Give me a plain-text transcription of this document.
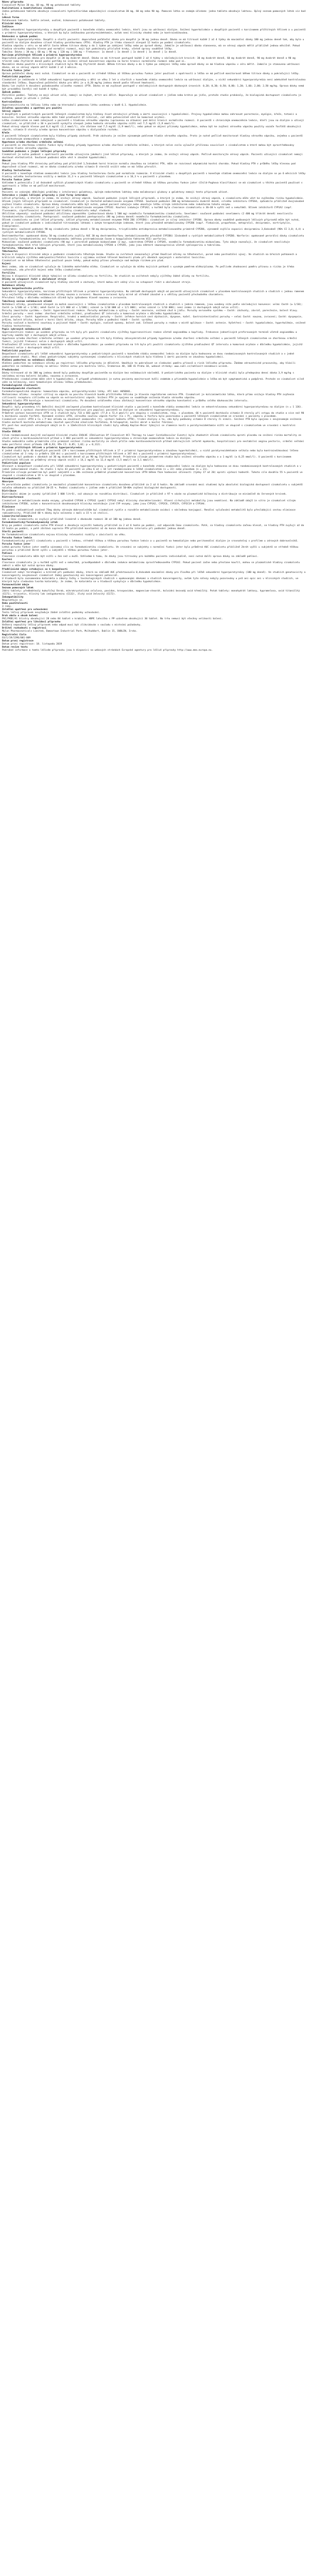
Název přípravku
Cinacalcet Mylan 30 mg, 60 mg, 90 mg potahované tablety
Kvalitativní a kvantitativní složení
Jedna potahovaná tableta obsahuje cinacalceti hydrochloridum odpovídající cinacalcetum 30 mg, 60 mg nebo 90 mg. Pomocná látka se známým účinkem: jedna tableta obsahuje laktosu. Úplný seznam pomocných látek viz bod 6.1.
Léková forma
Potahovaná tableta. Světle zelené, oválné, bikonvexní potahované tablety.
Klinické údaje
Indikace
Léčba sekundární hyperparatyreózy u dospělých pacientů v konečném stádiu onemocnění ledvin, kteří jsou na udržovací dialýze. Snížení hyperkalcémie u dospělých pacientů s karcinomem příštítných tělísek a u pacientů s primární hyperparatyreózou, u kterých by byla indikována paratyreoidektomie, avšak není klinicky vhodná nebo je kontraindikována.
Dávkování a způsob podání
Sekundární hyperparatyreóza. Dospělí a starší pacienti: doporučená počáteční dávka pro dospělé je 30 mg jednou denně. Dávka se má titrovat každé 2 až 4 týdny do maximální dávky 180 mg jednou denně tak, aby bylo u pacientů na dialýze dosaženo cílové hladiny parathormonu (PTH). Hladiny PTH je třeba stanovit alespoň 12 hodin po podání cinakalcetu.
Hladina vápníku v séru se má měřit často během titrace dávky a do 1 týdne po zahájení léčby nebo po úpravě dávky. Jakmile je udržovací dávka stanovena, má se sérový vápník měřit přibližně jednou měsíčně. Pokud hladina sérového vápníku klesne pod normální rozmezí, mají být podniknuty příslušné kroky, včetně úpravy souběžné léčby.
Tabulka: Dávka | 30 mg | 60 mg | 90 mg | 120 mg | 180 mg — Frekvence: 1x denně | 1x denně | 1x denně | 1x denně | 1x denně.
Karcinom příštítných tělísek a primární hyperparatyreóza
Doporučená počáteční dávka pro dospělé je 30 mg dvakrát denně. Dávka se má titrovat postupně každé 2 až 4 týdny v následujících krocích: 30 mg dvakrát denně, 60 mg dvakrát denně, 90 mg dvakrát denně a 90 mg třikrát nebo čtyřikrát denně podle potřeby ke snížení sérové koncentrace vápníku na horní hranici normálního rozmezí nebo pod ni.
Maximální dávka použitá v klinických studiích byla 90 mg čtyřikrát denně. Během titrace dávky a do 1 týdne po zahájení léčby nebo úpravě dávky se má hladina vápníku v séru měřit. Jakmile je stanovena udržovací dávka, má se sérový vápník měřit každé 2 až 3 měsíce.
Porucha funkce jater
Úprava počáteční dávky není nutná. Cinakalcet se má u pacientů se středně těžkou až těžkou poruchou funkce jater používat s opatrností a léčba se má pečlivě monitorovat během titrace dávky a pokračující léčby.
Pediatrická populace
Cinakalcet je indikován k léčbě sekundární hyperparatyreózy u dětí ve věku 3 let a starších v konečném stádiu onemocnění ledvin na udržovací dialýze, u nichž sekundární hyperparatyreóza není adekvátně kontrolována standardní léčbou. Doporučená počáteční dávka pro děti je ≤ 0,20 mg/kg jednou denně podle tělesné hmotnosti.
Dávku lze zvýšit k dosažení požadovaného cílového rozmezí iPTH. Dávka se má zvyšovat postupně v následujících dostupných dávkových úrovních: 0,20; 0,30; 0,50; 0,80; 1,20; 1,60; 2,00; 2,50 mg/kg. Úprava dávky nemá být prováděna častěji než každé 4 týdny.
Způsob podání
Perorální podání. Tablety se mají užívat celé, nemají se žvýkat, drtit ani dělit. Doporučuje se užívat cinakalcet s jídlem nebo krátce po jídle, protože studie prokázaly, že biologická dostupnost cinakalcetu je zvýšena, pokud je užíván s jídlem.
Kontraindikace
Hypersenzitivita na léčivou látku nebo na kteroukoli pomocnou látku uvedenou v bodě 6.1. Hypokalcémie.
Zvláštní upozornění a opatření pro použití
Sérový vápník
U dospělých a pediatrických pacientů léčených cinakalcetem byly hlášeny život ohrožující příhody a úmrtí související s hypokalcémií. Projevy hypokalcémie mohou zahrnovat parestezie, myalgie, křeče, tetanii a konvulze. Snížení sérového vápníku může také prodloužit QT interval, což může potenciálně vést ke komorové arytmii.
Léčba cinakalcetem se nemá zahajovat u pacientů s hladinou sérového vápníku (upravenou na albumin) pod dolní hranicí normálního rozmezí. U pacientů s chronickým onemocněním ledvin, kteří jsou na dialýze a užívají cinakalcet, se přibližně u 30 % pacientů vyskytla alespoň jedna hodnota sérového vápníku nižší než 7,5 mg/dl (1,9 mmol/l).
Pokud sérový vápník klesne pod 8,4 mg/dl (2,1 mmol/l), ale zůstane nad 7,5 mg/dl (1,9 mmol/l), nebo pokud se objeví příznaky hypokalcémie, mohou být ke zvýšení sérového vápníku použity vazače fosfátů obsahující vápník, vitamin D steroly a/nebo úprava koncentrace vápníku v dialyzačním roztoku.
Křeče
U pacientů léčených cinakalcetem byly hlášeny případy záchvatů. Práh záchvatu je snížen významným poklesem hladin sérového vápníku. Proto je nutné pečlivě monitorovat hladiny sérového vápníku, zejména u pacientů se záchvatovým onemocněním v anamnéze.
Hypotenze a/nebo zhoršení srdečního selhání
U pacientů se zhoršenou srdeční funkcí byly hlášeny případy hypotenze a/nebo zhoršení srdečního selhání, u kterých nelze zcela vyloučit příčinnou souvislost s cinakalcetem a které mohou být zprostředkovány snížením hladin sérového vápníku.
Souběžné podávání s jinými léčivými přípravky
Cinakalcet je nutno podávat s opatrností pacientům užívajícím jakékoli jiné léčivé přípravky, o kterých je známo, že snižují sérový vápník. Pečlivě monitorujte sérový vápník. Pacienti užívající cinakalcet nemají dostávat etelkalcetid. Současné podávání může vést k závažné hypokalcémii.
Obecné
Pokud jsou hladiny PTH chronicky potlačeny pod přibližně 1,5násobek horní hranice normálu zkouškou na intaktní PTH, může se rozvinout adynamická kostní choroba. Pokud hladiny PTH v průběhu léčby klesnou pod doporučené cílové rozmezí, má se dávka cinakalcetu a/nebo vitamin D sterolů snížit nebo se má léčba přerušit.
Hladiny testosteronu
U pacientů s konečným stádiem onemocnění ledvin jsou hladiny testosteronu často pod normálním rozmezím. V klinické studii u dospělých pacientů s konečným stádiem onemocnění ledvin na dialýze se po 6 měsících léčby hladiny volného testosteronu snížily o medián 31,3 % u pacientů léčených cinakalcetem a o 16,3 % u pacientů s placebem.
Porucha funkce jater
Vzhledem k potenciálu 2 až 4násobně vyšších plazmatických hladin cinakalcetu u pacientů se středně těžkou až těžkou poruchou funkce jater (Child-Pughova klasifikace) se má cinakalcet u těchto pacientů používat s opatrností a léčba se má pečlivě monitorovat.
Laktosa
Pacienti se vzácnými dědičnými problémy s intolerancí galaktosy, úplným nedostatkem laktázy nebo malabsorpcí glukosy a galaktosy nemají tento přípravek užívat.
Interakce s jinými léčivými přípravky a jiné formy interakce
Léčivé přípravky, o kterých je známo, že snižují sérový vápník. Současné podávání jiných léčivých přípravků, o kterých je známo, že snižují sérový vápník, a cinakalcetu může vést ke zvýšenému riziku hypokalcémie.
Účinek jiných léčivých přípravků na cinakalcet. Cinakalcet je částečně metabolizován enzymem CYP3A4. Současné podávání 200 mg ketokonazolu dvakrát denně, silného inhibitoru CYP3A4, způsobilo přibližně dvojnásobné zvýšení hladin cinakalcetu. Úprava dávky cinakalcetu může být nutná, pokud pacient zahajuje nebo ukončuje léčbu silným inhibitorem nebo induktorem tohoto enzymu.
Údaje in vitro ukazují, že cinakalcet je částečně metabolizován enzymem CYP1A2. Kouření indukuje CYP1A2; u kuřáků byla clearance cinakalcetu o 36–38 % vyšší než u nekuřáků. Účinek inhibitorů CYP1A2 (např. fluvoxamin, ciprofloxacin) na plazmatické hladiny cinakalcetu nebyl studován.
Uhličitan vápenatý: současné podávání uhličitanu vápenatého (jednorázová dávka 1 500 mg) nezměnilo farmakokinetiku cinakalcetu. Sevelamer: současné podávání sevelameru (2 400 mg třikrát denně) neovlivnilo farmakokinetiku cinakalcetu. Pantoprazol: současné podávání pantoprazolu (80 mg jednou denně) nezměnilo farmakokinetiku cinakalcetu.
Účinek cinakalcetu na jiné léčivé přípravky. Léčivé přípravky metabolizované enzymem P450 2D6 (CYP2D6): cinakalcet je silný inhibitor CYP2D6. Úprava dávky souběžně podávaných léčivých přípravků může být nutná, pokud je cinakalcet podáván s individuálně titrovanými látkami s úzkým terapeutickým indexem, které jsou převážně metabolizovány CYP2D6 (např. flekainid, propafenon, metoprolol, desipramin, nortriptylin, klomipramin).
Desipramin: současné podávání 90 mg cinakalcetu jednou denně s 50 mg desipraminu, tricyklického antidepresiva metabolizovaného primárně CYP2D6, významně zvýšilo expozici desipraminu 3,6násobně (90% CI 3,0; 4,4) u rychlých metabolizátorů CYP2D6.
Dextromethorfan: opakované dávky 50 mg cinakalcetu zvýšily AUC 30 mg dextromethorfanu (metabolizovaného převážně CYP2D6) 11násobně u rychlých metabolizátorů CYP2D6. Warfarin: opakované perorální dávky cinakalcetu neovlivnily farmakokinetiku ani farmakodynamiku (měřenou protrombinovým časem a koagulačním faktorem VII) warfarinu.
Midazolam: současné podávání cinakalcetu (90 mg) s perorálně podaným midazolamem (2 mg), substrátem CYP3A4 a CYP3A5, nezměnilo farmakokinetiku midazolamu. Tyto údaje naznačují, že cinakalcet neovlivňuje farmakokinetiku těch tříd léčivých přípravků, které jsou metabolizovány CYP3A4 a CYP3A5, jako jsou některé imunosupresiva včetně cyklosporinu a takrolimu.
Fertilita, těhotenství a kojení
Těhotenství
Nejsou k dispozici klinické údaje o podávání cinakalcetu těhotným ženám. Studie na zvířatech nenaznačují přímé škodlivé účinky na těhotenství, porod nebo postnatální vývoj. Ve studiích na březích potkanech a králících nebyla zjištěna embryonální/fetální toxicita s výjimkou snížené tělesné hmotnosti plodu při dávkách spojených s maternální toxicitou.
Cinakalcet se má během těhotenství používat pouze tehdy, pokud možný přínos převažuje nad možným rizikem pro plod.
Kojení
Není známo, zda se cinakalcet vylučuje do lidského mateřského mléka. Cinakalcet se vylučuje do mléka kojících potkanů s vysokým poměrem mléko/plazma. Po pečlivém zhodnocení poměru přínosu a rizika je třeba rozhodnout, zda přerušit kojení nebo léčbu cinakalcetem.
Fertilita
Nejsou k dispozici klinické údaje týkající se účinku cinakalcetu na fertilitu. Ve studiích na zvířatech nebyly zjištěny žádné účinky na fertilitu.
Účinky na schopnost řídit a obsluhovat stroje
U pacientů užívajících cinakalcet byly hlášeny závratě a záchvaty, které mohou mít vážný vliv na schopnost řídit a obsluhovat stroje.
Nežádoucí účinky
Souhrn bezpečnostního profilu
Sekundární hyperparatyreóza, karcinom příštítných tělísek a primární hyperparatyreóza. Na základě dostupných údajů od pacientů užívajících cinakalcet v placebem kontrolovaných studiích a studiích s jednou ramenem byly nejčastěji hlášenými nežádoucími účinky nauzea a zvracení. Nauzea a zvracení byly mírné až středně závažné a u většiny pacientů přechodného charakteru.
Přerušení léčby v důsledku nežádoucích účinků bylo způsobeno hlavně nauzeou a zvracením.
Tabulkový seznam nežádoucích účinků
Nežádoucí účinky, považované alespoň za možná související s léčbou cinakalcetem v placebem kontrolovaných studiích a studiích s jedním ramenem, jsou uvedeny níže podle následující konvence: velmi časté (≥ 1/10); časté (≥ 1/100 až < 1/10); méně časté (≥ 1/1 000 až < 1/100); vzácné (≥ 1/10 000 až < 1/1 000); velmi vzácné (< 1/10 000); není známo (z dostupných údajů nelze určit).
Poruchy imunitního systému — časté: hypersenzitivní reakce. Poruchy metabolismu a výživy — časté: anorexie, snížená chuť k jídlu. Poruchy nervového systému — časté: záchvaty, závrať, parestezie, bolest hlavy. Srdeční poruchy — není známo: zhoršení srdečního selhání, prodloužení QT intervalu a komorová arytmie v důsledku hypokalcémie.
Cévní poruchy — časté: hypotenze. Respirační, hrudní a mediastinální poruchy — časté: infekce horních cest dýchacích, dyspnoe, kašel. Gastrointestinální poruchy — velmi časté: nauzea, zvracení; časté: dyspepsie, průjem, bolest břicha, bolest v horní části břicha, zácpa. Poruchy kůže a podkožní tkáně — časté: vyrážka.
Poruchy svalové a kosterní soustavy a pojivové tkáně — časté: myalgie, svalové spasmy, bolest zad. Celkové poruchy a reakce v místě aplikace — časté: astenie. Vyšetření — časté: hypokalcémie, hyperkalémie, snížené hladiny testosteronu.
Popis vybraných nežádoucích účinků
Hypersenzitivní reakce: po uvedení přípravku na trh byly při použití cinakalcetu zjištěny hypersenzitivní reakce včetně angioedému a kopřivky. Frekvence jednotlivých preferovaných termínů včetně angioedému a kopřivky nemůže být z dostupných údajů určena.
Hypotenze a/nebo zhoršení srdečního selhání: po uvedení přípravku na trh byly hlášeny idiosynkratické případy hypotenze a/nebo zhoršení srdečního selhání u pacientů léčených cinakalcetem se zhoršenou srdeční funkcí, jejichž frekvenci nelze z dostupných údajů určit.
Prodloužení QT intervalu a komorová arytmie v důsledku hypokalcémie: po uvedení přípravku na trh bylo při použití cinakalcetu zjištěno prodloužení QT intervalu a komorová arytmie v důsledku hypokalcémie, jejichž frekvenci nelze z dostupných údajů určit.
Pediatrická populace
Bezpečnost cinakalcetu při léčbě sekundární hyperparatyreózy u pediatrických pacientů v konečném stádiu onemocnění ledvin na dialýze byla hodnocena ve dvou randomizovaných kontrolovaných studiích a v jedné jednoramenné studii. Mezi všemi pediatrickými subjekty vystavenými cinakalcetu v klinických studiích bylo hlášeno 1 úmrtí pacienta se závažnou hypokalcémií.
Hlášení podezření na nežádoucí účinky
Hlášení podezření na nežádoucí účinky po registraci léčivého přípravku je důležité. Umožňuje to pokračovat ve sledování poměru přínosů a rizik léčivého přípravku. Žádáme zdravotnické pracovníky, aby hlásili podezření na nežádoucí účinky na adresu: Státní ústav pro kontrolu léčiv, Šrobárova 48, 100 41 Praha 10, webové stránky: www.sukl.cz/nahlasit-nezadouci-ucinek.
Předávkování
Dávky titrované až do 300 mg jednou denně byly podávány dospělým pacientům na dialýze bez nežádoucích následků. U pediatrického pacienta na dialýze v klinické studii byla předepsána denní dávka 3,9 mg/kg s následnou mírnou bolestí žaludku, nauzeou a zvracením.
Předávkování cinakalcetem může vést k hypokalcémii. V případě předávkování je nutno pacienty monitorovat kvůli známkám a příznakům hypokalcémie a léčba má být symptomatická a podpůrná. Protože se cinakalcet silně váže na bílkoviny, není hemodialýza účinnou léčbou předávkování.
Farmakologické vlastnosti
Farmakodynamické vlastnosti
Farmakoterapeutická skupina: homeostáza vápníku, antiparathyroidní látky. ATC kód: H05BX01.
Mechanismus účinku: receptor citlivý na vápník na povrchu hlavních buněk příštítného tělíska je hlavním regulátorem sekrece PTH. Cinakalcet je kalcimimetická látka, která přímo snižuje hladiny PTH zvýšením citlivosti receptoru citlivého na vápník na extracelulární vápník. Snížení PTH je spojeno se souběžným snížením hladin sérového vápníku.
Snížení hladin PTH koreluje s koncentrací cinakalcetu. Po dosažení ustáleného stavu zůstávají koncentrace sérového vápníku konstantní v průběhu celého dávkovacího intervalu.
Sekundární hyperparatyreóza
Dospělí: byly provedeny tři 6měsíční dvojitě zaslepené placebem kontrolované klinické studie u pacientů v konečném stádiu onemocnění ledvin se nekontrolovanou sekundární hyperparatyreózou na dialýze (n = 1 136). Demografické a výchozí charakteristiky byly reprezentativní pro populaci pacientů na dialýze se sekundární hyperparatyreózou.
Průměrné výchozí koncentrace iPTH ve 3 studiích byly 733 a 683 pg/ml (77,8 a 72,4 pmol/l) pro skupiny s cinakalcetem, resp. s placebem. 66 % pacientů dostávalo vitamin D steroly při vstupu do studie a více než 90 % dostávalo vazače fosfátů. Významné snížení iPTH, sérového součinu vápník-fosfor (Ca × P), vápníku a fosforu bylo pozorováno u pacientů léčených cinakalcetem ve srovnání s pacienty s placebem.
Cinakalcet snížil iPTH a Ca × P bez ohledu na závažnost onemocnění (tj. výchozí hodnotu iPTH), trvání dialýzy a to, zda byly podávány vitamin D steroly či nikoli. Snížení PTH bylo spojeno s nevýznamným snížením hladin markerů kostního metabolismu (kostně specifická alkalická fosfatáza, N-telopeptid, kostní obrat a kostní fibróza).
Při post-hoc analýzách sdružených údajů ze 6- a 12měsíčních klinických studií byly odhady Kaplan-Meier týkající se zlomenin kostí a paratyreoidektomie nižší ve skupině s cinakalcetem ve srovnání s kontrolní skupinou.
Studie EVOLVE
Cílem randomizované dvojitě zaslepené klinické studie EVOLVE (EValuation Of Cinacalcet HCl Therapy to Lower CardioVascular Events) bylo zhodnotit účinek cinakalcetu oproti placebu na snížení rizika mortality ze všech příčin a kardiovaskulárních příhod u 3 883 pacientů se sekundární hyperparatyreózou a chronickým onemocněním ledvin na dialýze.
Studie nedosáhla svého primárního cíle prokázat snížení rizika mortality ze všech příčin nebo kardiovaskulárních příhod zahrnujících infarkt myokardu, hospitalizaci pro nestabilní anginu pectoris, srdeční selhání nebo periferní cévní příhodu (HR 0,93; 95% CI: 0,85; 1,02; p = 0,112).
Karcinom příštítných tělísek a primární hyperparatyreóza
V jedné studii bylo 46 dospělých pacientů (29 s karcinomem příštítných tělísek a 17 s primární hyperparatyreózou a závažnou hyperkalcémií, u nichž paratyreoidektomie selhala nebo byla kontraindikována) léčeno cinakalcetem až 3 roky (v průměru 328 dní u pacientů s karcinomem příštítných tělísek a 347 dní u pacientů s primární hyperparatyreózou).
Cinakalcet byl podáván v dávkách od 30 mg dvakrát denně až po 90 mg čtyřikrát denně. Primárním cílovým parametrem studie bylo snížení sérového vápníku o ≥ 1 mg/dl (≥ 0,25 mmol/l). U pacientů s karcinomem příštítných tělísek se průměrný sérový vápník snížil z 14,1 mg/dl na 12,4 mg/dl (3,5 mmol/l na 3,1 mmol/l).
Pediatrická populace
Účinnost a bezpečnost cinakalcetu při léčbě sekundární hyperparatyreózy u pediatrických pacientů v konečném stádiu onemocnění ledvin na dialýze byla hodnocena ve dvou randomizovaných kontrolovaných studiích a v jedné jednoramenné studii. Ve studii 1 bylo 43 pacientů ve věku 6 až < 18 let randomizováno k léčbě cinakalcetem (n = 22) nebo placebem (n = 21).
Primárním cílovým parametrem byl podíl subjektů s ≥ 30% snížením průměrné plazmatické koncentrace iPTH během fáze hodnocení účinnosti (týdny 17 až 20) oproti výchozí hodnotě. Tohoto cíle dosáhlo 55 % pacientů ve skupině s cinakalcetem a 19 % ve skupině s placebem.
Farmakokinetické vlastnosti
Absorpce
Po perorálním podání cinakalcetu je maximální plazmatické koncentrace cinakalcetu dosaženo přibližně za 2 až 6 hodin. Na základě srovnání mezi studiemi byla absolutní biologická dostupnost cinakalcetu u subjektů nalačno odhadnuta na přibližně 20–25 %. Podání cinakalcetu s jídlem vede k přibližně 50–80% zvýšení biologické dostupnosti.
Distribuce
Distribuční objem je vysoký (přibližně 1 000 litrů), což ukazuje na rozsáhlou distribuci. Cinakalcet je přibližně z 97 % vázán na plazmatické bílkoviny a distribuuje se minimálně do červených krvinek.
Biotransformace
Cinakalcet je metabolizován mnoha enzymy, převážně CYP3A4 a CYP1A2 (podíl CYP1A2 nebyl klinicky charakterizován). Hlavní cirkulující metabolity jsou neaktivní. Na základě údajů in vitro je cinakalcet silným inhibitorem CYP2D6, avšak v koncentracích dosahovaných klinicky neinhibuje jiné CYP enzymy, jako jsou CYP1A2, CYP2C8, CYP2C9, CYP2C19 a CYP3A4.
Eliminace
Po podání radioaktivně značené 75mg dávky zdravým dobrovolníkům byl cinakalcet rychle a rozsáhle metabolizován oxidací s následnou konjugací. Renální vylučování metabolitů bylo převládající cestou eliminace radioaktivity. Přibližně 80 % dávky bylo nalezeno v moči a 15 % ve stolici.
Linearita/nelinearita
AUC a Cmax cinakalcetu se zvyšují přibližně lineárně v dávkovém rozmezí 30 až 180 mg jednou denně.
Farmakokinetický/farmakodynamický vztah
Brzy po podání cinakalcetu začne PTH klesat a dosahuje nejnižší hodnoty přibližně za 2 až 6 hodin po podání, což odpovídá Cmax cinakalcetu. Poté, co hladiny cinakalcetu začnou klesat, se hladiny PTH zvyšují až do 12 hodin po podání, a poté zůstává supresie PTH přibližně konstantní až do konce dávkovacího intervalu při podávání jednou denně.
Starší pacienti
Ve farmakokinetice cinakalcetu nejsou klinicky relevantní rozdíly v závislosti na věku.
Porucha funkce ledvin
Farmakokinetický profil cinakalcetu u pacientů s lehkou, středně těžkou a těžkou poruchou funkce ledvin a u pacientů na hemodialýze nebo peritoneální dialýze je srovnatelný s profilem u zdravých dobrovolníků.
Porucha funkce jater
Lehká porucha funkce jater neměla významný vliv na farmakokinetiku cinakalcetu. Ve srovnání se subjekty s normální funkcí jater byla průměrná AUC cinakalcetu přibližně 2krát vyšší u subjektů se středně těžkou poruchou a přibližně 4krát vyšší u subjektů s těžkou poruchou funkce jater.
Pohlaví
Clearance cinakalcetu může být nižší u žen než u mužů. Vzhledem k tomu, že dávky jsou titrovány pro každého pacienta individuálně, není nutná další úprava dávky na základě pohlaví.
Kouření
Clearance cinakalcetu je u kuřáků vyšší než u nekuřáků, pravděpodobně v důsledku indukce metabolismu zprostředkovaného CYP1A2. Pokud pacient začne nebo přestane kouřit, mohou se plazmatické hladiny cinakalcetu změnit a může být nutná úprava dávky.
Předklinické údaje vztahující se k bezpečnosti
Cinakalcet nebyl teratogenní u králíků při podávání dávky, která na základě AUC představovala 0,4násobek maximální dávky pro člověka při léčbě sekundární hyperparatyreózy (180 mg denně). Ve studiích genotoxicity a kancerogenity nevykazoval cinakalcet žádný genotoxický ani kancerogenní potenciál.
U hlodavců byla zaznamenána katarakta a zákaly čočky v toxikologických studiích s opakovanými dávkami a studiích kancerogenity, avšak tyto nálezy nebyly pozorovány u psů ani opic ani v klinických studiích, ve kterých byla sledována tvorba katarakty. Je známo, že katarakta se u hlodavců vyskytuje v důsledku hypokalcémie.
Farmaceutické údaje
Seznam pomocných látek
Jádro tablety: předbobtnalý kukuřičný škrob, mikrokrystalická celulosa, povidon, krospovidon, magnesium-stearát, koloidní bezvodý oxid křemičitý. Potah tablety: monohydrát laktosy, hypromelosa, oxid titaničitý (E171), triacetin, hlinitý lak indigokarmínu (E132), žlutý oxid železitý (E172).
Inkompatibility
Neuplatňuje se.
Doba použitelnosti
3 roky.
Zvláštní opatření pro uchovávání
Tento léčivý přípravek nevyžaduje žádné zvláštní podmínky uchovávání.
Druh obalu a obsah balení
PVC/PVDC/Al blistry obsahující 28 nebo 84 tablet v krabičce. HDPE lahvička s PP uzávěrem obsahující 30 tablet. Na trhu nemusí být všechny velikosti balení.
Zvláštní opatření pro likvidaci přípravku
Veškerý nepoužitý léčivý přípravek nebo odpad musí být zlikvidován v souladu s místními požadavky.
Držitel rozhodnutí o registraci
Mylan Pharmaceuticals Limited, Damastown Industrial Park, Mulhuddart, Dublin 15, DUBLIN, Irsko.
Registrační čísla
EU/1/19/1396/001-009
Datum první registrace
Datum první registrace: 18. listopadu 2019
Datum revize textu
Podrobné informace o tomto léčivém přípravku jsou k dispozici na webových stránkách Evropské agentury pro léčivé přípravky http://www.ema.europa.eu.
